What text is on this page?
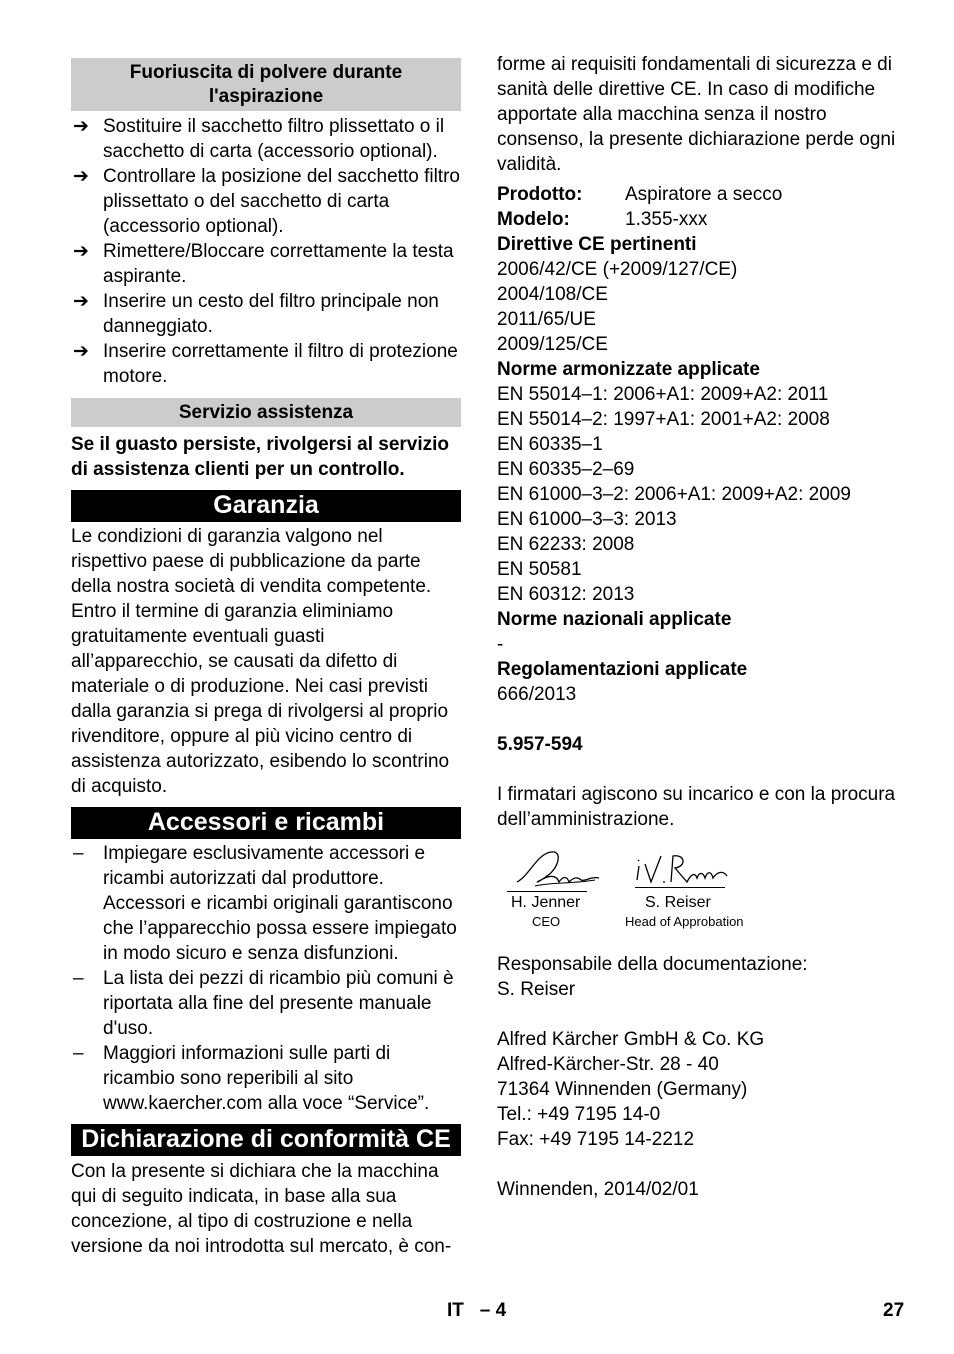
Fuoriuscita di polvere durante l'aspirazione
➔ Sostituire il sacchetto filtro plissettato o il sacchetto di carta (accessorio optional).
➔ Controllare la posizione del sacchetto filtro plissettato o del sacchetto di carta (accessorio optional).
➔ Rimettere/Bloccare correttamente la testa aspirante.
➔ Inserire un cesto del filtro principale non danneggiato.
➔ Inserire correttamente il filtro di protezione motore.
Servizio assistenza

Se il guasto persiste, rivolgersi al servizio di assistenza clienti per un controllo.

Garanzia

Le condizioni di garanzia valgono nel rispettivo paese di pubblicazione da parte della nostra società di vendita competente. Entro il termine di garanzia eliminiamo gratuitamente eventuali guasti all’apparecchio, se causati da difetto di materiale o di produzione. Nei casi previsti dalla garanzia si prega di rivolgersi al proprio rivenditore, oppure al più vicino centro di assistenza autorizzato, esibendo lo scontrino di acquisto.

Accessori e ricambi
– Impiegare esclusivamente accessori e ricambi autorizzati dal produttore. Accessori e ricambi originali garantiscono che l’apparecchio possa essere impiegato in modo sicuro e senza disfunzioni.
– La lista dei pezzi di ricambio più comuni è riportata alla fine del presente manuale d'uso.
– Maggiori informazioni sulle parti di ricambio sono reperibili al sito www.kaercher.com alla voce “Service”.
Dichiarazione di conformità CE

Con la presente si dichiara che la macchina qui di seguito indicata, in base alla sua concezione, al tipo di costruzione e nella versione da noi introdotta sul mercato, è con-

forme ai requisiti fondamentali di sicurezza e di sanità delle direttive CE. In caso di modifiche apportate alla macchina senza il nostro consenso, la presente dichiarazione perde ogni validità.

Prodotto:	Aspiratore a secco
Modelo:	1.355-xxx
Direttive CE pertinenti
2006/42/CE (+2009/127/CE)
2004/108/CE
2011/65/UE
2009/125/CE
Norme armonizzate applicate
EN 55014–1: 2006+A1: 2009+A2: 2011
EN 55014–2: 1997+A1: 2001+A2: 2008
EN 60335–1
EN 60335–2–69
EN 61000–3–2: 2006+A1: 2009+A2: 2009
EN 61000–3–3: 2013
EN 62233: 2008
EN 50581
EN 60312: 2013
Norme nazionali applicate
-
Regolamentazioni applicate
666/2013
5.957-594

I firmatari agiscono su incarico e con la procura dell’amministrazione.

H. Jenner
CEO
S. Reiser
Head of Approbation
Responsabile della documentazione:
S. Reiser
Alfred Kärcher GmbH & Co. KG
Alfred-Kärcher-Str. 28 - 40
71364 Winnenden (Germany)
Tel.: +49 7195 14-0
Fax: +49 7195 14-2212
Winnenden, 2014/02/01
IT   – 4	27
